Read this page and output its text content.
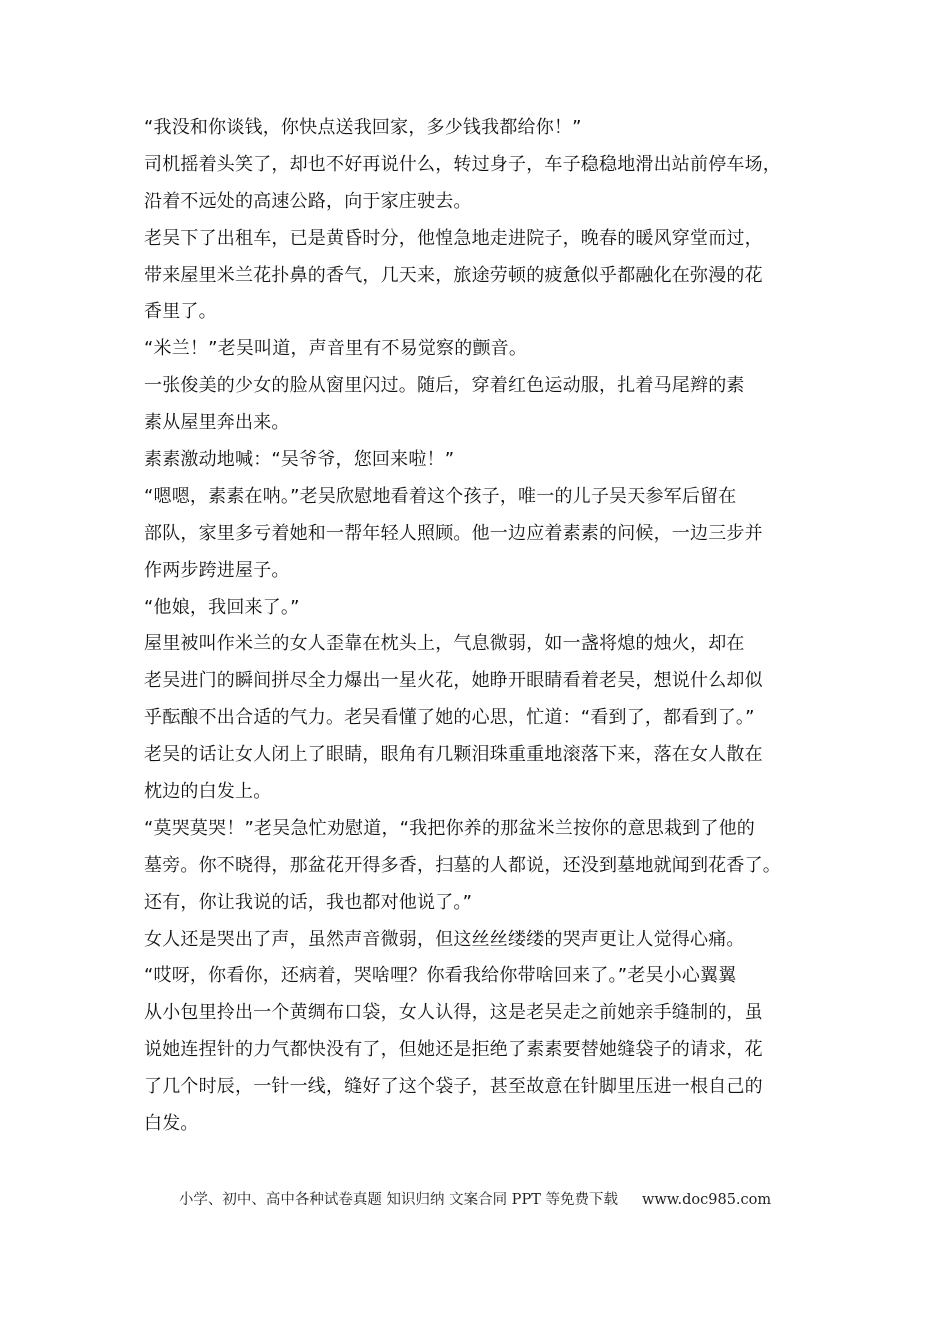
“我没和你谈钱，你快点送我回家，多少钱我都给你！”
司机摇着头笑了，却也不好再说什么，转过身子，车子稳稳地滑出站前停车场，
沿着不远处的高速公路，向于家庄驶去。
老吴下了出租车，已是黄昏时分，他惶急地走进院子，晚春的暖风穿堂而过，
带来屋里米兰花扑鼻的香气，几天来，旅途劳顿的疲惫似乎都融化在弥漫的花
香里了。
“米兰！”老吴叫道，声音里有不易觉察的颤音。
一张俊美的少女的脸从窗里闪过。随后，穿着红色运动服，扎着马尾辫的素
素从屋里奔出来。
素素激动地喊：“吴爷爷，您回来啦！”
“嗯嗯，素素在呐。”老吴欣慰地看着这个孩子，唯一的儿子吴天参军后留在
部队，家里多亏着她和一帮年轻人照顾。他一边应着素素的问候，一边三步并
作两步跨进屋子。
“他娘，我回来了。”
屋里被叫作米兰的女人歪靠在枕头上，气息微弱，如一盏将熄的烛火，却在
老吴进门的瞬间拼尽全力爆出一星火花，她睁开眼睛看着老吴，想说什么却似
乎酝酿不出合适的气力。老吴看懂了她的心思，忙道：“看到了，都看到了。”
老吴的话让女人闭上了眼睛，眼角有几颗泪珠重重地滚落下来，落在女人散在
枕边的白发上。
“莫哭莫哭！”老吴急忙劝慰道，“我把你养的那盆米兰按你的意思栽到了他的
墓旁。你不晓得，那盆花开得多香，扫墓的人都说，还没到墓地就闻到花香了。
还有，你让我说的话，我也都对他说了。”
女人还是哭出了声，虽然声音微弱，但这丝丝缕缕的哭声更让人觉得心痛。
“哎呀，你看你，还病着，哭啥哩？你看我给你带啥回来了。”老吴小心翼翼
从小包里拎出一个黄绸布口袋，女人认得，这是老吴走之前她亲手缝制的，虽
说她连捏针的力气都快没有了，但她还是拒绝了素素要替她缝袋子的请求，花
了几个时辰，一针一线，缝好了这个袋子，甚至故意在针脚里压进一根自己的
白发。
小学、初中、高中各种试卷真题 知识归纳 文案合同 PPT 等免费下载 www.doc985.com
